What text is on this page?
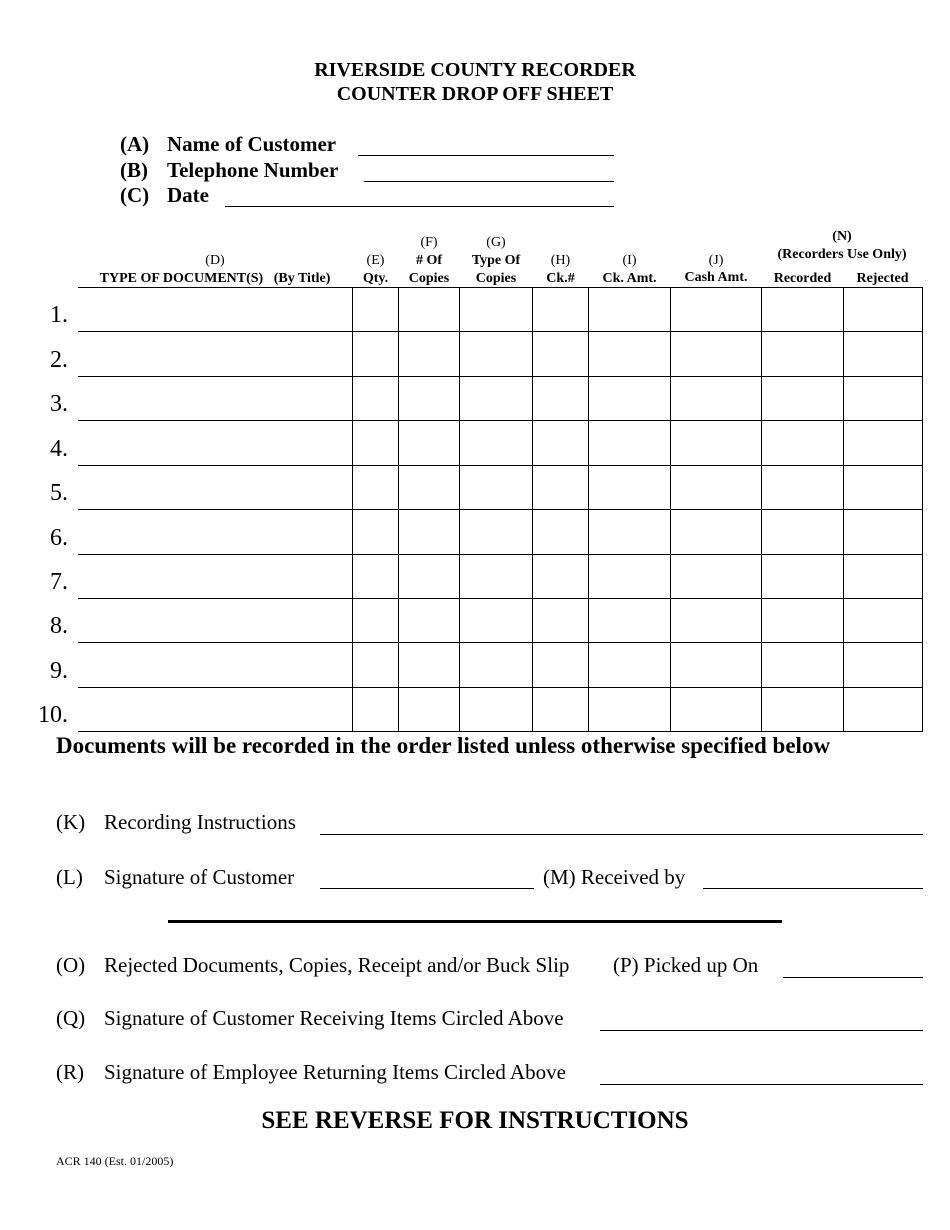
RIVERSIDE COUNTY RECORDER
COUNTER DROP OFF SHEET
(A) Name of Customer
(B) Telephone Number
(C) Date
(D)
TYPE OF DOCUMENT(S)   (By Title)
(E)
Qty.
(F)
# Of
Copies
(G)
Type Of
Copies
(H)
Ck.#
(I)
Ck. Amt.
(J)
Cash Amt.
(N)
(Recorders Use Only)
Recorded	Rejected
1.
2.
3.
4.
5.
6.
7.
8.
9.
10.
Documents will be recorded in the order listed unless otherwise specified below
(K) Recording Instructions
(L) Signature of Customer	(M) Received by
(O) Rejected Documents, Copies, Receipt and/or Buck Slip (P) Picked up On
(Q) Signature of Customer Receiving Items Circled Above
(R) Signature of Employee Returning Items Circled Above
SEE REVERSE FOR INSTRUCTIONS
ACR 140 (Est. 01/2005)
